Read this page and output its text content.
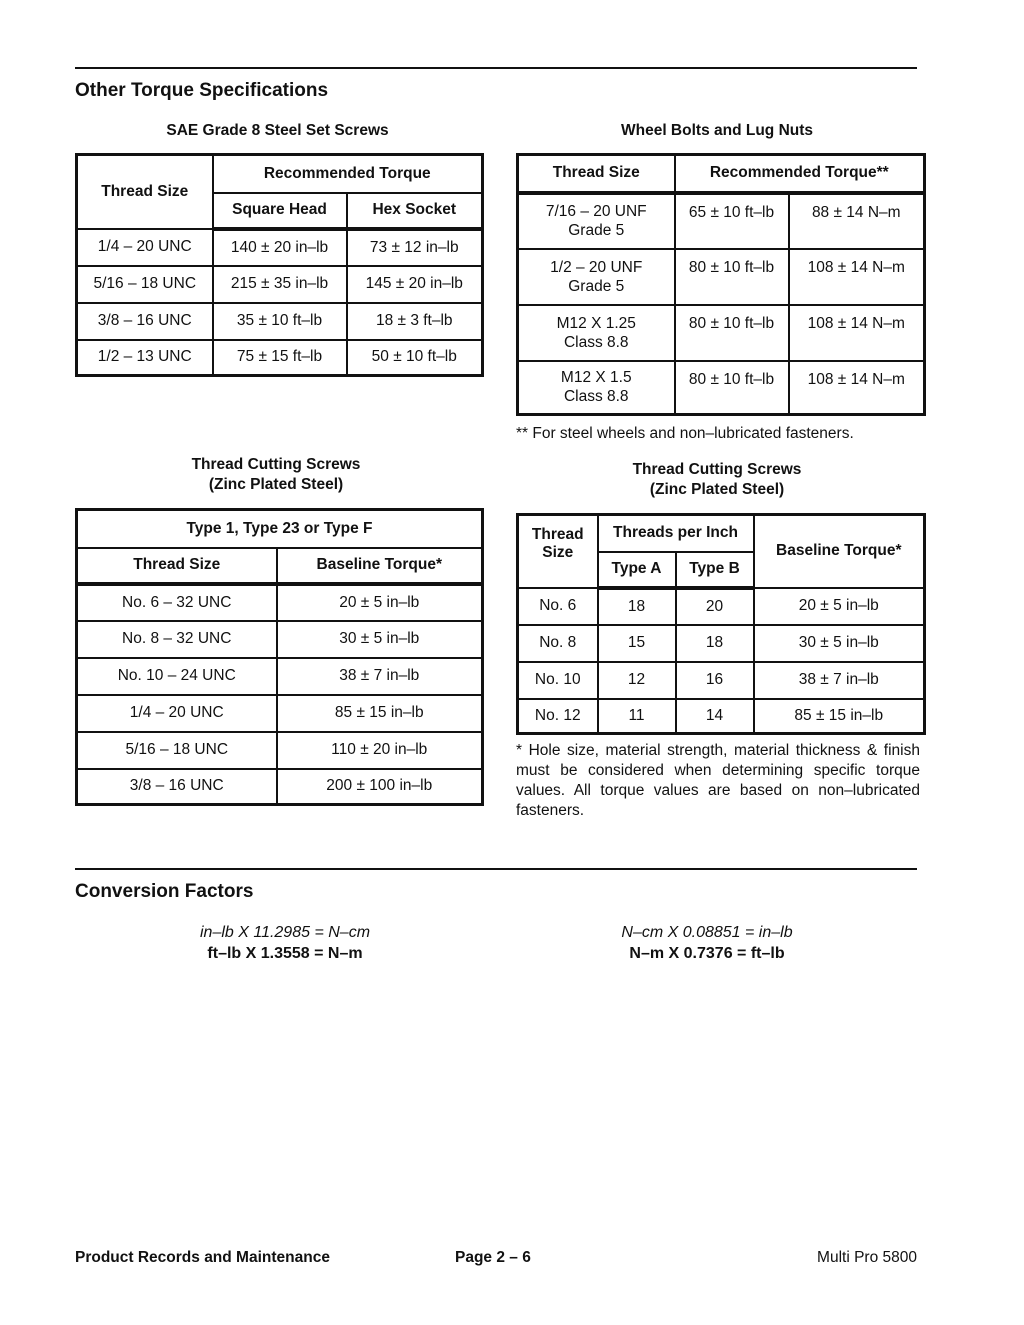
Other Torque Specifications
SAE Grade 8 Steel Set Screws
Thread Size	Recommended Torque	
	Square Head	Hex Socket
1/4 – 20 UNC	140 ± 20 in–lb	73 ± 12 in–lb
5/16 – 18 UNC	215 ± 35 in–lb	145 ± 20 in–lb
3/8 – 16 UNC	35 ± 10 ft–lb	18 ± 3 ft–lb
1/2 – 13 UNC	75 ± 15 ft–lb	50 ± 10 ft–lb
Wheel Bolts and Lug Nuts
Thread Size	Recommended Torque**	
7/16 – 20 UNF
Grade 5	65 ± 10 ft–lb	88 ± 14 N–m
1/2 – 20 UNF
Grade 5	80 ± 10 ft–lb	108 ± 14 N–m
M12 X 1.25
Class 8.8	80 ± 10 ft–lb	108 ± 14 N–m
M12 X 1.5
Class 8.8	80 ± 10 ft–lb	108 ± 14 N–m
** For steel wheels and non–lubricated fasteners.
Thread Cutting Screws
(Zinc Plated Steel)
Type 1, Type 23 or Type F	
Thread Size	Baseline Torque*
No. 6 – 32 UNC	20 ± 5 in–lb
No. 8 – 32 UNC	30 ± 5 in–lb
No. 10 – 24 UNC	38 ± 7 in–lb
1/4 – 20 UNC	85 ± 15 in–lb
5/16 – 18 UNC	110 ± 20 in–lb
3/8 – 16 UNC	200 ± 100 in–lb
Thread Cutting Screws
(Zinc Plated Steel)
Thread Size	Threads per Inch		Baseline Torque*
	Type A	Type B	
No. 6	18	20	20 ± 5 in–lb
No. 8	15	18	30 ± 5 in–lb
No. 10	12	16	38 ± 7 in–lb
No. 12	11	14	85 ± 15 in–lb
* Hole size, material strength, material thickness & finish must be considered when determining specific torque values. All torque values are based on non–lubricated fasteners.
Conversion Factors
in–lb X 11.2985 = N–cm
ft–lb X 1.3558 = N–m
N–cm X 0.08851 = in–lb
N–m X 0.7376 = ft–lb
Product Records and Maintenance	Page 2 – 6	Multi Pro 5800
